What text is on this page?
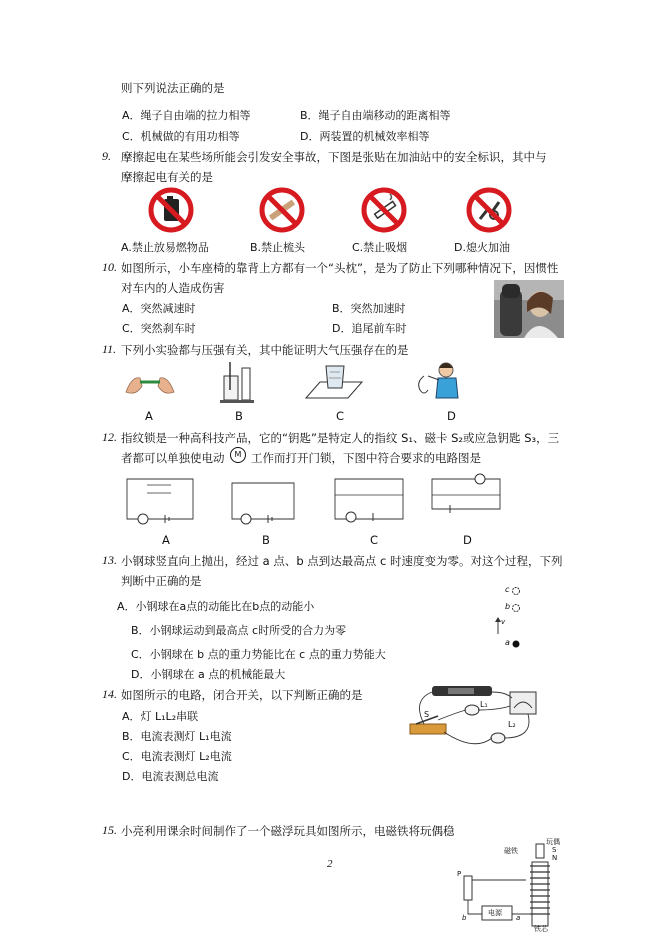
则下列说法正确的是
A．绳子自由端的拉力相等	B．绳子自由端移动的距离相等
C．机械做的有用功相等	D．两装置的机械效率相等
9. 摩擦起电在某些场所能会引发安全事故，下图是张贴在加油站中的安全标识，其中与
摩擦起电有关的是
A.禁止放易燃物品	B.禁止梳头	C.禁止吸烟	D.熄火加油
10. 如图所示，小车座椅的靠背上方都有一个“头枕”，是为了防止下列哪种情况下，因惯性
对车内的人造成伤害
A．突然减速时	B．突然加速时
C．突然刹车时	D．追尾前车时
11. 下列小实验都与压强有关，其中能证明大气压强存在的是
A	B	C	D
12. 指纹锁是一种高科技产品，它的“钥匙”是特定人的指纹 S₁、磁卡 S₂或应急钥匙 S₃，三
者都可以单独使电动	M 工作而打开门锁，下图中符合要求的电路图是
A	B	C	D
13. 小钢球竖直向上抛出，经过 a 点、b 点到达最高点 c 时速度变为零。对这个过程，下列
判断中正确的是
A．小钢球在a点的动能比在b点的动能小
B．小钢球运动到最高点 c时所受的合力为零
C．小钢球在 b 点的重力势能比在 c 点的重力势能大
D．小钢球在 a 点的机械能最大
c
b
a
v
14. 如图所示的电路，闭合开关，以下判断正确的是
A．灯 L₁L₂串联
B．电流表测灯 L₁电流
C．电流表测灯 L₂电流
D．电流表测总电流
S
L₁
L₂
15. 小亮利用课余时间制作了一个磁浮玩具如图所示，电磁铁将玩偶稳
玩偶
S
N
磁铁
P
电源
b	a
铁芯
2
